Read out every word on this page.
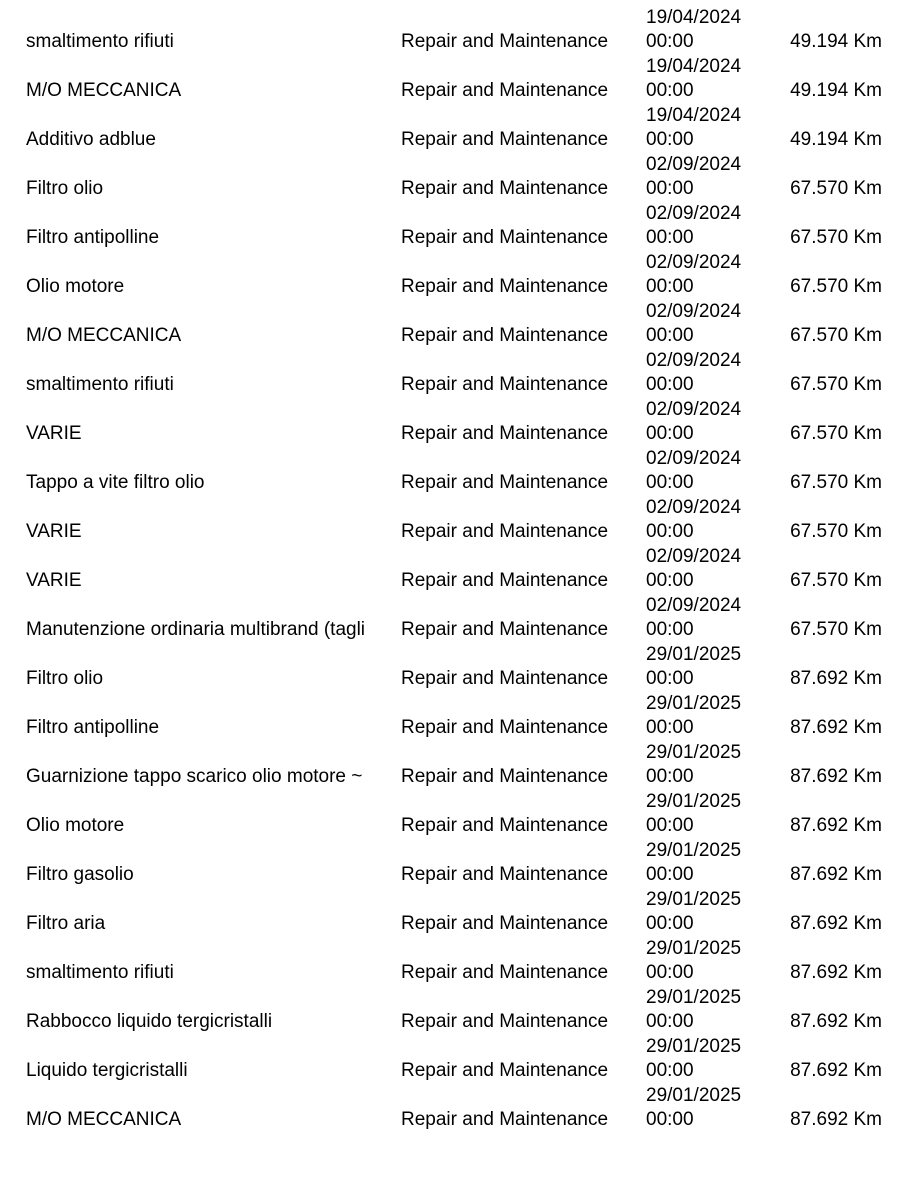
smaltimento rifiuti	Repair and Maintenance
19/04/2024
00:00	49.194 Km
M/O MECCANICA	Repair and Maintenance
19/04/2024
00:00	49.194 Km
Additivo adblue	Repair and Maintenance
19/04/2024
00:00	49.194 Km
Filtro olio	Repair and Maintenance
02/09/2024
00:00	67.570 Km
Filtro antipolline	Repair and Maintenance
02/09/2024
00:00	67.570 Km
Olio motore	Repair and Maintenance
02/09/2024
00:00	67.570 Km
M/O MECCANICA	Repair and Maintenance
02/09/2024
00:00	67.570 Km
smaltimento rifiuti	Repair and Maintenance
02/09/2024
00:00	67.570 Km
VARIE	Repair and Maintenance
02/09/2024
00:00	67.570 Km
Tappo a vite filtro olio	Repair and Maintenance
02/09/2024
00:00	67.570 Km
VARIE	Repair and Maintenance
02/09/2024
00:00	67.570 Km
VARIE	Repair and Maintenance
02/09/2024
00:00	67.570 Km
Manutenzione ordinaria multibrand (tagli	Repair and Maintenance
02/09/2024
00:00	67.570 Km
Filtro olio	Repair and Maintenance
29/01/2025
00:00	87.692 Km
Filtro antipolline	Repair and Maintenance
29/01/2025
00:00	87.692 Km
Guarnizione tappo scarico olio motore ~	Repair and Maintenance
29/01/2025
00:00	87.692 Km
Olio motore	Repair and Maintenance
29/01/2025
00:00	87.692 Km
Filtro gasolio	Repair and Maintenance
29/01/2025
00:00	87.692 Km
Filtro aria	Repair and Maintenance
29/01/2025
00:00	87.692 Km
smaltimento rifiuti	Repair and Maintenance
29/01/2025
00:00	87.692 Km
Rabbocco liquido tergicristalli	Repair and Maintenance
29/01/2025
00:00	87.692 Km
Liquido tergicristalli	Repair and Maintenance
29/01/2025
00:00	87.692 Km
M/O MECCANICA	Repair and Maintenance
29/01/2025
00:00	87.692 Km
